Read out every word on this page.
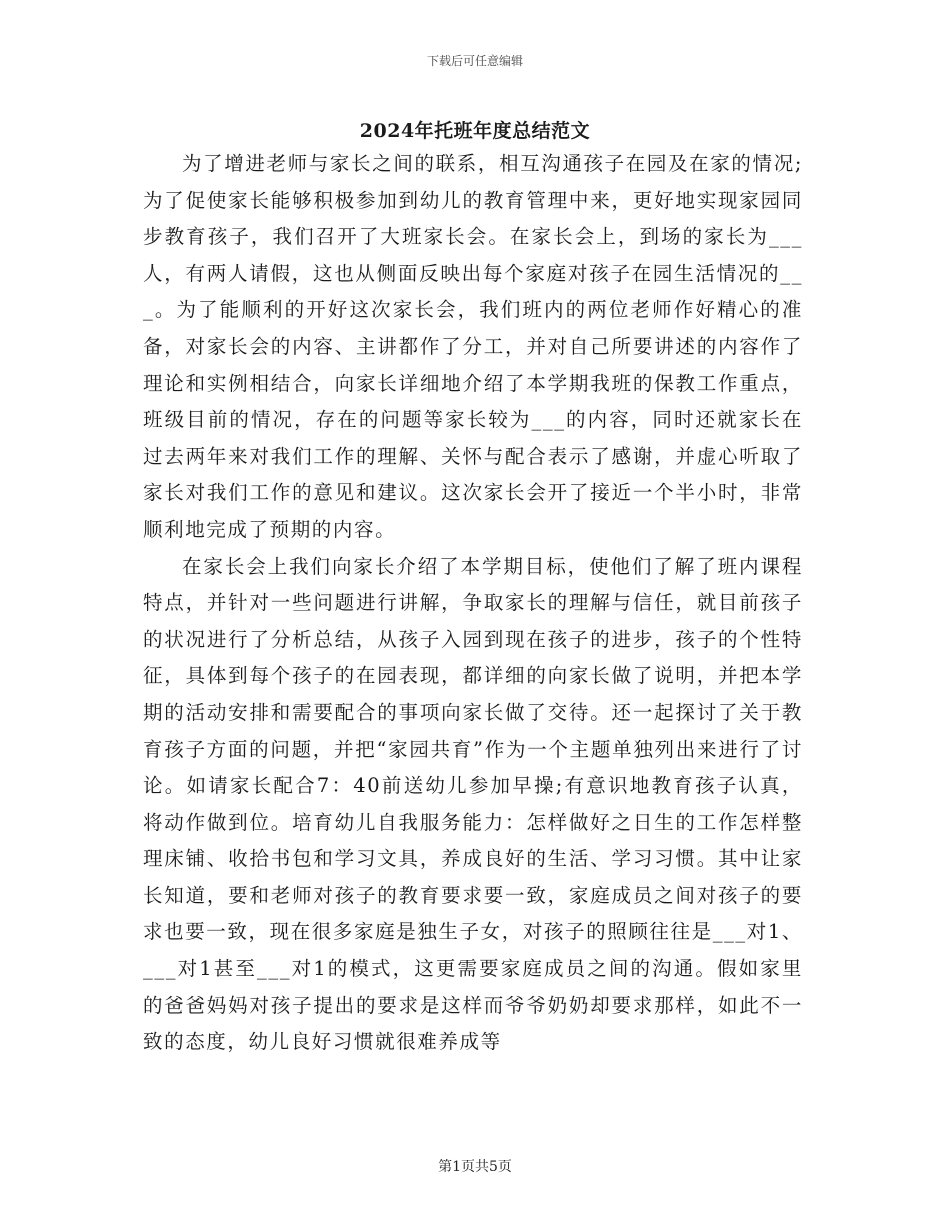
下载后可任意编辑
2024年托班年度总结范文

为了增进老师与家长之间的联系，相互沟通孩子在园及在家的情况;为了促使家长能够积极参加到幼儿的教育管理中来，更好地实现家园同步教育孩子，我们召开了大班家长会。在家长会上，到场的家长为___人，有两人请假，这也从侧面反映出每个家庭对孩子在园生活情况的___。为了能顺利的开好这次家长会，我们班内的两位老师作好精心的准备，对家长会的内容、主讲都作了分工，并对自己所要讲述的内容作了理论和实例相结合，向家长详细地介绍了本学期我班的保教工作重点，班级目前的情况，存在的问题等家长较为___的内容，同时还就家长在过去两年来对我们工作的理解、关怀与配合表示了感谢，并虚心听取了家长对我们工作的意见和建议。这次家长会开了接近一个半小时，非常顺利地完成了预期的内容。

在家长会上我们向家长介绍了本学期目标，使他们了解了班内课程特点，并针对一些问题进行讲解，争取家长的理解与信任，就目前孩子的状况进行了分析总结，从孩子入园到现在孩子的进步，孩子的个性特征，具体到每个孩子的在园表现，都详细的向家长做了说明，并把本学期的活动安排和需要配合的事项向家长做了交待。还一起探讨了关于教育孩子方面的问题，并把“家园共育”作为一个主题单独列出来进行了讨论。如请家长配合7：40前送幼儿参加早操;有意识地教育孩子认真，将动作做到位。培育幼儿自我服务能力：怎样做好之日生的工作怎样整理床铺、收拾书包和学习文具，养成良好的生活、学习习惯。其中让家长知道，要和老师对孩子的教育要求要一致，家庭成员之间对孩子的要求也要一致，现在很多家庭是独生子女，对孩子的照顾往往是___对1、___对1甚至___对1的模式，这更需要家庭成员之间的沟通。假如家里的爸爸妈妈对孩子提出的要求是这样而爷爷奶奶却要求那样，如此不一致的态度，幼儿良好习惯就很难养成等

第1页共5页
